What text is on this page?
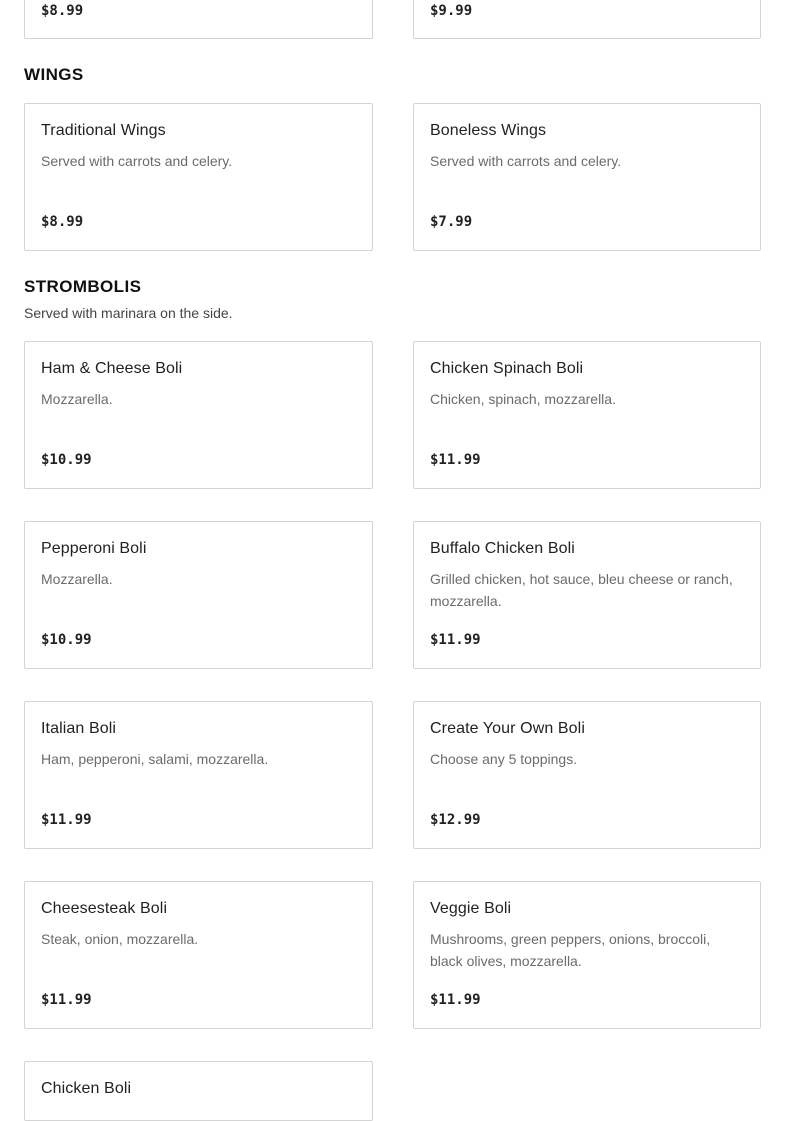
$8.99	$9.99
WINGS
Traditional Wings
Served with carrots and celery.
$8.99
Boneless Wings
Served with carrots and celery.
$7.99
STROMBOLIS
Served with marinara on the side.
Ham & Cheese Boli
Mozzarella.
$10.99
Chicken Spinach Boli
Chicken, spinach, mozzarella.
$11.99
Pepperoni Boli
Mozzarella.
$10.99
Buffalo Chicken Boli
Grilled chicken, hot sauce, bleu cheese or ranch, mozzarella.
$11.99
Italian Boli
Ham, pepperoni, salami, mozzarella.
$11.99
Create Your Own Boli
Choose any 5 toppings.
$12.99
Cheesesteak Boli
Steak, onion, mozzarella.
$11.99
Veggie Boli
Mushrooms, green peppers, onions, broccoli, black olives, mozzarella.
$11.99
Chicken Boli
